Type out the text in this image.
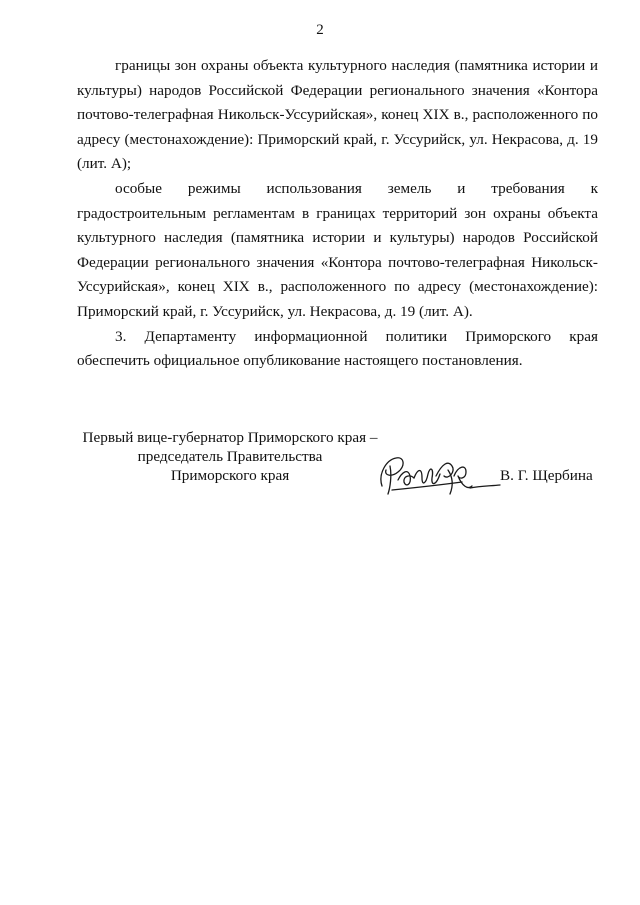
2

границы зон охраны объекта культурного наследия (памятника истории и культуры) народов Российской Федерации регионального значения «Контора почтово-телеграфная Никольск-Уссурийская», конец XIX в., расположенного по адресу (местонахождение): Приморский край, г. Уссурийск, ул. Некрасова, д. 19 (лит. А);

особые режимы использования земель и требования к градостроительным регламентам в границах территорий зон охраны объекта культурного наследия (памятника истории и культуры) народов Российской Федерации регионального значения «Контора почтово-телеграфная Никольск-Уссурийская», конец XIX в., расположенного по адресу (местонахождение): Приморский край, г. Уссурийск, ул. Некрасова, д. 19 (лит. А).

3. Департаменту информационной политики Приморского края обеспечить официальное опубликование настоящего постановления.

Первый вице-губернатор Приморского края –
председатель Правительства
Приморского края	В. Г. Щербина
